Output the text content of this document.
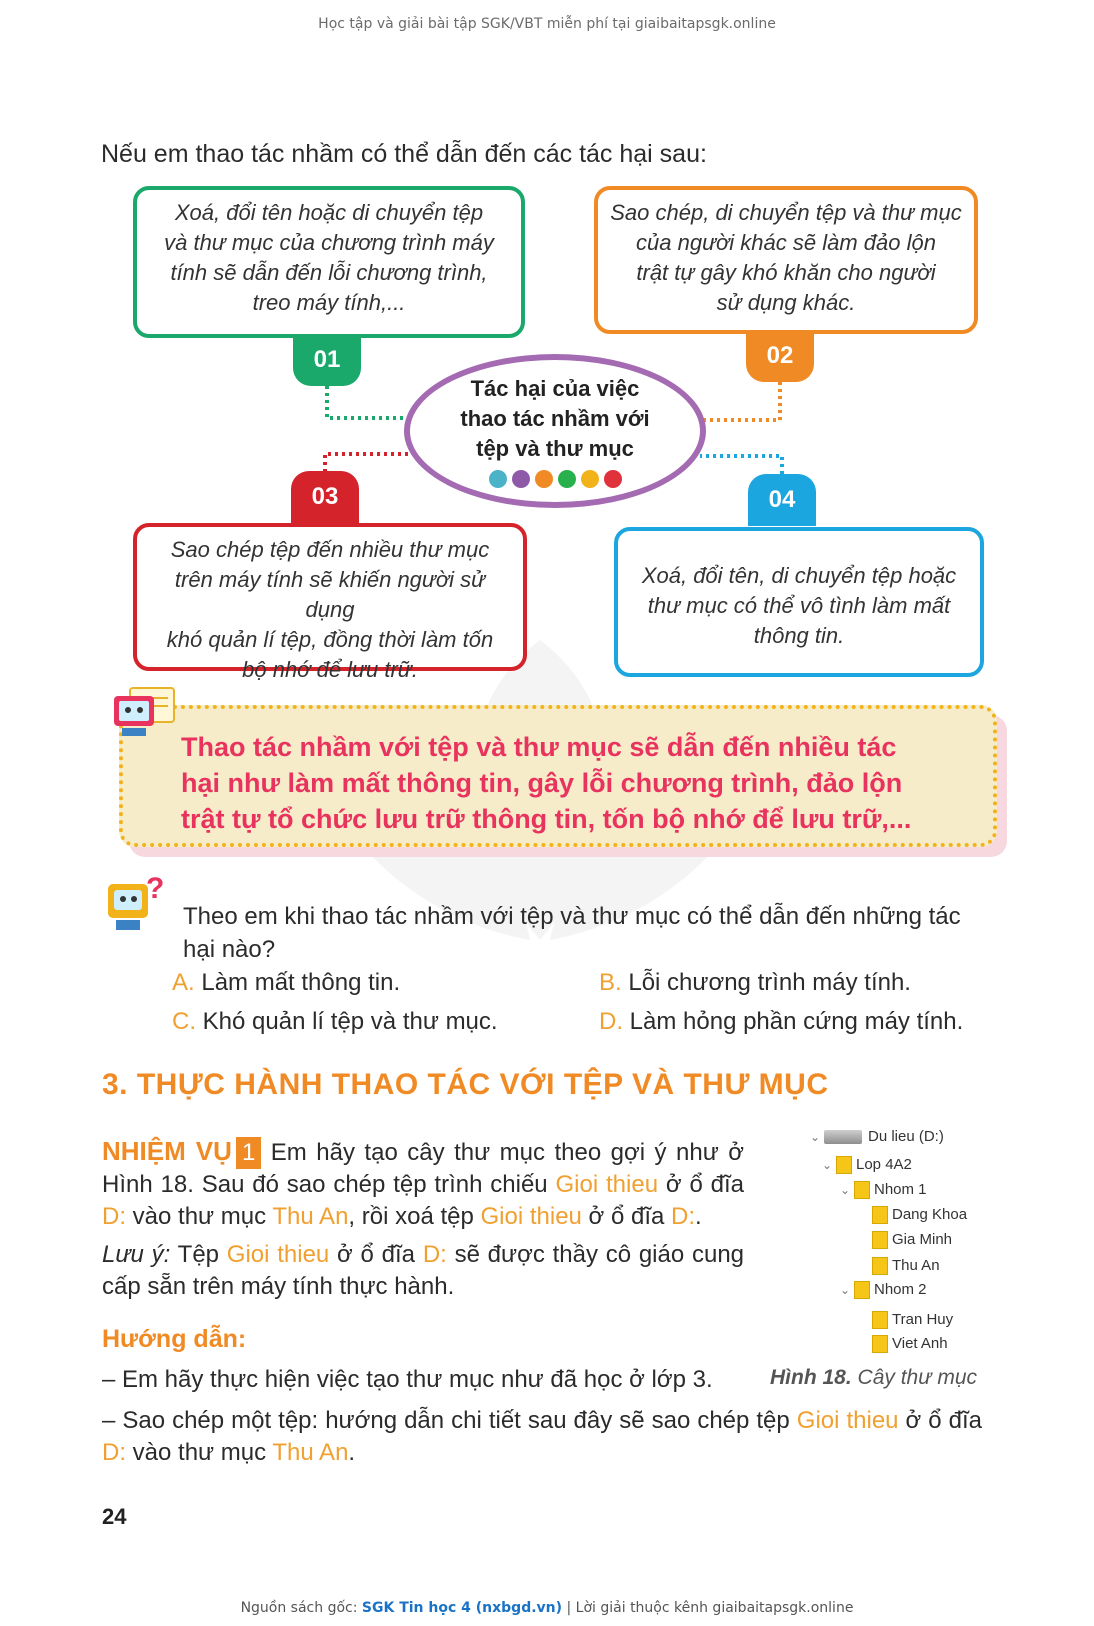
Học tập và giải bài tập SGK/VBT miễn phí tại giaibaitapsgk.online
Nếu em thao tác nhầm có thể dẫn đến các tác hại sau:
Xoá, đổi tên hoặc di chuyển tệp
và thư mục của chương trình máy
tính sẽ dẫn đến lỗi chương trình,
treo máy tính,...
Sao chép, di chuyển tệp và thư mục
của người khác sẽ làm đảo lộn
trật tự gây khó khăn cho người
sử dụng khác.
Sao chép tệp đến nhiều thư mục
trên máy tính sẽ khiến người sử dụng
khó quản lí tệp, đồng thời làm tốn
bộ nhớ để lưu trữ.
Xoá, đổi tên, di chuyển tệp hoặc
thư mục có thể vô tình làm mất
thông tin.
01	02
03	04
Tác hại của việc
thao tác nhầm với
tệp và thư mục
Thao tác nhầm với tệp và thư mục sẽ dẫn đến nhiều tác
hại như làm mất thông tin, gây lỗi chương trình, đảo lộn
trật tự tổ chức lưu trữ thông tin, tốn bộ nhớ để lưu trữ,...
?
Theo em khi thao tác nhầm với tệp và thư mục có thể dẫn đến những tác hại nào?
A. Làm mất thông tin.	B. Lỗi chương trình máy tính.
C. Khó quản lí tệp và thư mục.	D. Làm hỏng phần cứng máy tính.
3. THỰC HÀNH THAO TÁC VỚI TỆP VÀ THƯ MỤC
NHIỆM VỤ 1 Em hãy tạo cây thư mục theo gợi ý như ở Hình 18. Sau đó sao chép tệp trình chiếu Gioi thieu ở ổ đĩa D: vào thư mục Thu An, rồi xoá tệp Gioi thieu ở ổ đĩa D:.
Lưu ý: Tệp Gioi thieu ở ổ đĩa D: sẽ được thầy cô giáo cung cấp sẵn trên máy tính thực hành.
Hướng dẫn:
– Em hãy thực hiện việc tạo thư mục như đã học ở lớp 3.
– Sao chép một tệp: hướng dẫn chi tiết sau đây sẽ sao chép tệp Gioi thieu ở ổ đĩa D: vào thư mục Thu An.
⌄	Du lieu (D:)
⌄ Lop 4A2
⌄ Nhom 1
Dang Khoa
Gia Minh
Thu An
⌄ Nhom 2
Tran Huy
Viet Anh
Hình 18. Cây thư mục
24
Nguồn sách gốc: SGK Tin học 4 (nxbgd.vn) | Lời giải thuộc kênh giaibaitapsgk.online
